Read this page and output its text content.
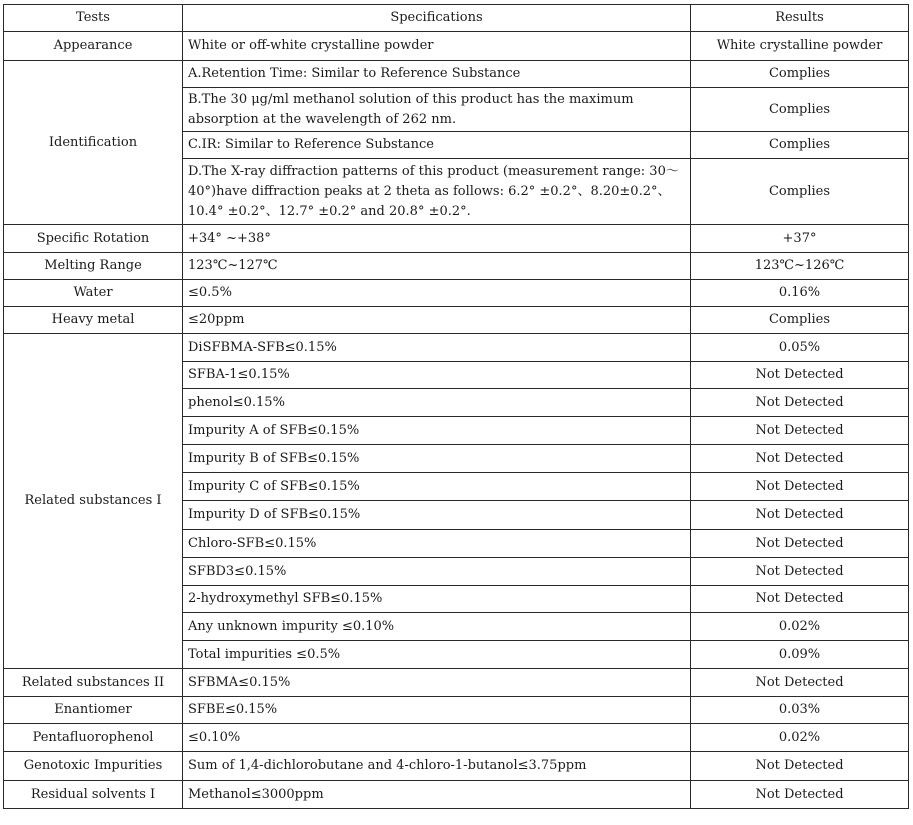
Tests	Specifications	Results
Appearance	White or off-white crystalline powder	White crystalline powder
Identification	A.Retention Time: Similar to Reference Substance	Complies
	B.The 30 μg/ml methanol solution of this product has the maximum absorption at the wavelength of 262 nm.	Complies
	C.IR: Similar to Reference Substance	Complies
	D.The X-ray diffraction patterns of this product (measurement range: 30～ 40°)have diffraction peaks at 2 theta as follows: 6.2° ±0.2°、8.20±0.2°、10.4° ±0.2°、12.7° ±0.2° and 20.8° ±0.2°.	Complies
Specific Rotation	+34° ~+38°	+37°
Melting Range	123℃~127℃	123℃~126℃
Water	≤0.5%	0.16%
Heavy metal	≤20ppm	Complies
Related substances I	DiSFBMA-SFB≤0.15%	0.05%
	SFBA-1≤0.15%	Not Detected
	phenol≤0.15%	Not Detected
	Impurity A of SFB≤0.15%	Not Detected
	Impurity B of SFB≤0.15%	Not Detected
	Impurity C of SFB≤0.15%	Not Detected
	Impurity D of SFB≤0.15%	Not Detected
	Chloro-SFB≤0.15%	Not Detected
	SFBD3≤0.15%	Not Detected
	2-hydroxymethyl SFB≤0.15%	Not Detected
	Any unknown impurity ≤0.10%	0.02%
	Total impurities ≤0.5%	0.09%
Related substances II	SFBMA≤0.15%	Not Detected
Enantiomer	SFBE≤0.15%	0.03%
Pentafluorophenol	≤0.10%	0.02%
Genotoxic Impurities	Sum of 1,4-dichlorobutane and 4-chloro-1-butanol≤3.75ppm	Not Detected
Residual solvents I	Methanol≤3000ppm	Not Detected
